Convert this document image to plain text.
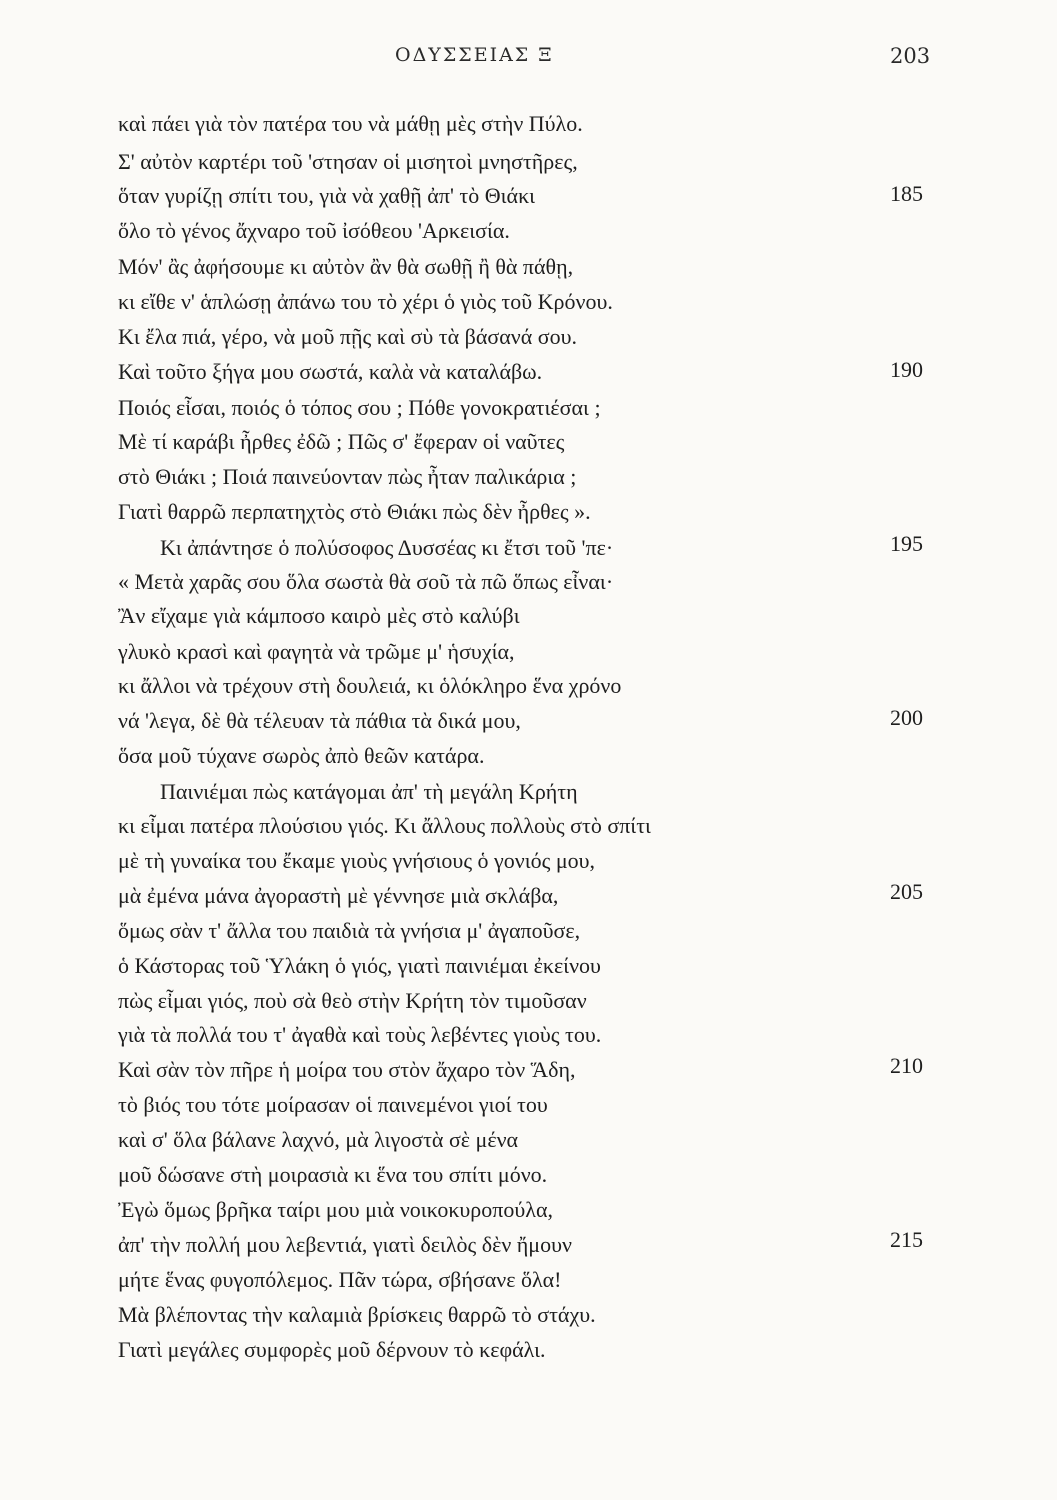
ΟΔΥΣΣΕΙΑΣ Ξ	203
καὶ πάει γιὰ τὸν πατέρα του νὰ μάθῃ μὲς στὴν Πύλο.
Σ' αὐτὸν καρτέρι τοῦ 'στησαν οἱ μισητοὶ μνηστῆρες,
ὅταν γυρίζῃ σπίτι του, γιὰ νὰ χαθῇ ἀπ' τὸ Θιάκι
ὅλο τὸ γένος ἄχναρο τοῦ ἰσόθεου 'Αρκεισία.
Μόν' ἂς ἀφήσουμε κι αὐτὸν ἂν θὰ σωθῇ ἢ θὰ πάθῃ,
κι εἴθε ν' ἁπλώσῃ ἀπάνω του τὸ χέρι ὁ γιὸς τοῦ Κρόνου.
Κι ἔλα πιά, γέρο, νὰ μοῦ πῇς καὶ σὺ τὰ βάσανά σου.
Καὶ τοῦτο ξήγα μου σωστά, καλὰ νὰ καταλάβω.
Ποιός εἶσαι, ποιός ὁ τόπος σου ; Πόθε γονοκρατιέσαι ;
Μὲ τί καράβι ἦρθες ἐδῶ ; Πῶς σ' ἔφεραν οἱ ναῦτες
στὸ Θιάκι ; Ποιά παινεύονταν πὼς ἦταν παλικάρια ;
Γιατὶ θαρρῶ περπατηχτὸς στὸ Θιάκι πὼς δὲν ἦρθες ».
Κι ἀπάντησε ὁ πολύσοφος Δυσσέας κι ἔτσι τοῦ 'πε·
« Μετὰ χαρᾶς σου ὅλα σωστὰ θὰ σοῦ τὰ πῶ ὅπως εἶναι·
Ἂν εἴχαμε γιὰ κάμποσο καιρὸ μὲς στὸ καλύβι
γλυκὸ κρασὶ καὶ φαγητὰ νὰ τρῶμε μ' ἡσυχία,
κι ἄλλοι νὰ τρέχουν στὴ δουλειά, κι ὁλόκληρο ἕνα χρόνο
νά 'λεγα, δὲ θὰ τέλευαν τὰ πάθια τὰ δικά μου,
ὅσα μοῦ τύχανε σωρὸς ἀπὸ θεῶν κατάρα.
Παινιέμαι πὼς κατάγομαι ἀπ' τὴ μεγάλη Κρήτη
κι εἶμαι πατέρα πλούσιου γιός. Κι ἄλλους πολλοὺς στὸ σπίτι
μὲ τὴ γυναίκα του ἔκαμε γιοὺς γνήσιους ὁ γονιός μου,
μὰ ἐμένα μάνα ἀγοραστὴ μὲ γέννησε μιὰ σκλάβα,
ὅμως σὰν τ' ἄλλα του παιδιὰ τὰ γνήσια μ' ἀγαποῦσε,
ὁ Κάστορας τοῦ Ὑλάκη ὁ γιός, γιατὶ παινιέμαι ἐκείνου
πὼς εἶμαι γιός, ποὺ σὰ θεὸ στὴν Κρήτη τὸν τιμοῦσαν
γιὰ τὰ πολλά του τ' ἀγαθὰ καὶ τοὺς λεβέντες γιοὺς του.
Καὶ σὰν τὸν πῆρε ἡ μοίρα του στὸν ἄχαρο τὸν Ἅδη,
τὸ βιός του τότε μοίρασαν οἱ παινεμένοι γιοί του
καὶ σ' ὅλα βάλανε λαχνό, μὰ λιγοστὰ σὲ μένα
μοῦ δώσανε στὴ μοιρασιὰ κι ἕνα του σπίτι μόνο.
Ἐγὼ ὅμως βρῆκα ταίρι μου μιὰ νοικοκυροπούλα,
ἀπ' τὴν πολλή μου λεβεντιά, γιατὶ δειλὸς δὲν ἤμουν
μήτε ἕνας φυγοπόλεμος. Πᾶν τώρα, σβήσανε ὅλα!
Μὰ βλέποντας τὴν καλαμιὰ βρίσκεις θαρρῶ τὸ στάχυ.
Γιατὶ μεγάλες συμφορὲς μοῦ δέρνουν τὸ κεφάλι.
185
190
195
200
205
210
215
